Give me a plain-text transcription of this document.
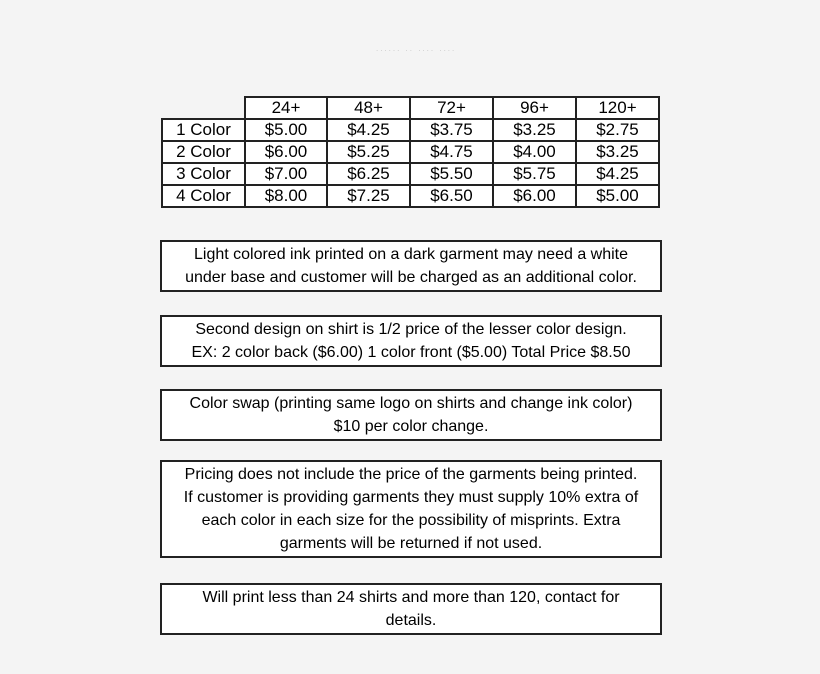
...... .. .... ....
	24+	48+	72+	96+	120+
1 Color	$5.00	$4.25	$3.75	$3.25	$2.75
2 Color	$6.00	$5.25	$4.75	$4.00	$3.25
3 Color	$7.00	$6.25	$5.50	$5.75	$4.25
4 Color	$8.00	$7.25	$6.50	$6.00	$5.00
Light colored ink printed on a dark garment may need a white
under base and customer will be charged as an additional color.
Second design on shirt is 1/2 price of the lesser color design.
EX: 2 color back ($6.00) 1 color front ($5.00) Total Price $8.50
Color swap (printing same logo on shirts and change ink color)
$10 per color change.
Pricing does not include the price of the garments being printed.
If customer is providing garments they must supply 10% extra of
each color in each size for the possibility of misprints. Extra
garments will be returned if not used.
Will print less than 24 shirts and more than 120, contact for
details.
